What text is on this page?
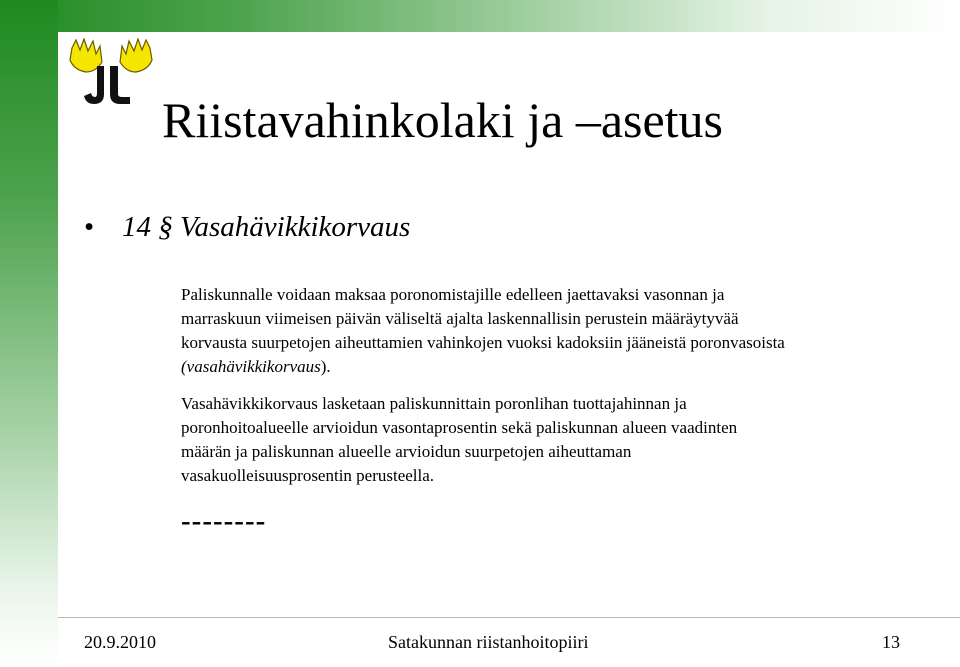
Riistavahinkolaki ja –asetus
• 14 § Vasahävikkikorvaus
Paliskunnalle voidaan maksaa poronomistajille edelleen jaettavaksi vasonnan ja
marraskuun viimeisen päivän väliseltä ajalta laskennallisin perustein määräytyvää
korvausta suurpetojen aiheuttamien vahinkojen vuoksi kadoksiin jääneistä poronvasoista
(vasahävikkikorvaus).
Vasahävikkikorvaus lasketaan paliskunnittain poronlihan tuottajahinnan ja
poronhoitoalueelle arvioidun vasontaprosentin sekä paliskunnan alueen vaadinten
määrän ja paliskunnan alueelle arvioidun suurpetojen aiheuttaman
vasakuolleisuusprosentin perusteella.
--------
20.9.2010	Satakunnan riistanhoitopiiri	13
